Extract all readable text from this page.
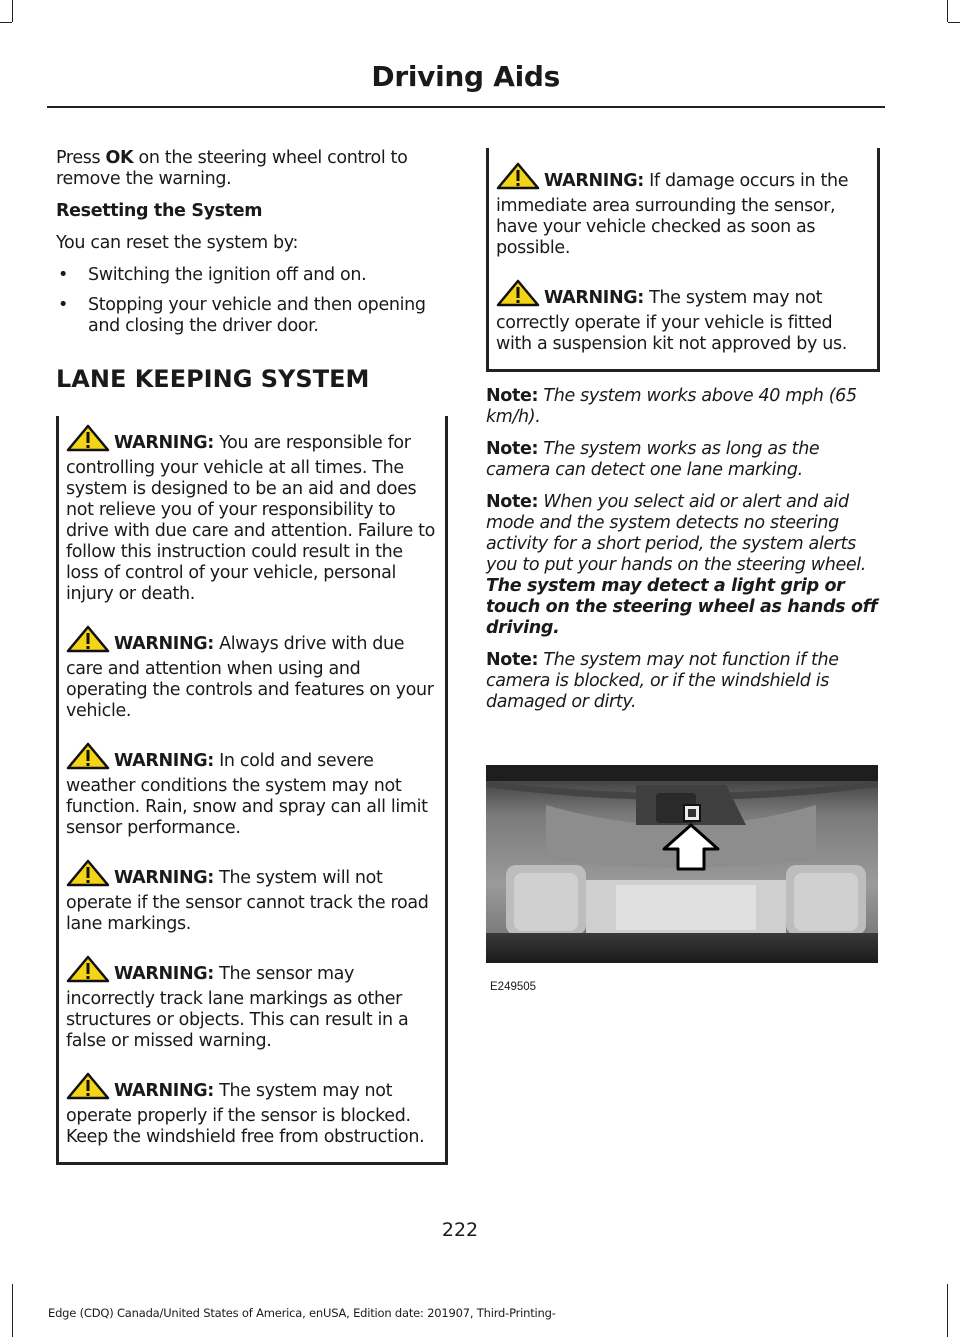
Driving Aids

Press OK on the steering wheel control to remove the warning.

Resetting the System

You can reset the system by:

• Switching the ignition off and on.
• Stopping your vehicle and then opening and closing the driver door.
LANE KEEPING SYSTEM

WARNING: You are responsible for controlling your vehicle at all times. The system is designed to be an aid and does not relieve you of your responsibility to drive with due care and attention. Failure to follow this instruction could result in the loss of control of your vehicle, personal injury or death.

WARNING: Always drive with due care and attention when using and operating the controls and features on your vehicle.

WARNING: In cold and severe weather conditions the system may not function. Rain, snow and spray can all limit sensor performance.

WARNING: The system will not operate if the sensor cannot track the road lane markings.

WARNING: The sensor may incorrectly track lane markings as other structures or objects. This can result in a false or missed warning.

WARNING: The system may not operate properly if the sensor is blocked. Keep the windshield free from obstruction.

WARNING: If damage occurs in the immediate area surrounding the sensor, have your vehicle checked as soon as possible.

WARNING: The system may not correctly operate if your vehicle is fitted with a suspension kit not approved by us.

Note: The system works above 40 mph (65 km/h).

Note: The system works as long as the camera can detect one lane marking.

Note: When you select aid or alert and aid mode and the system detects no steering activity for a short period, the system alerts you to put your hands on the steering wheel. The system may detect a light grip or touch on the steering wheel as hands off driving.

Note: The system may not function if the camera is blocked, or if the windshield is damaged or dirty.

E249505
222
Edge (CDQ) Canada/United States of America, enUSA, Edition date: 201907, Third-Printing-
